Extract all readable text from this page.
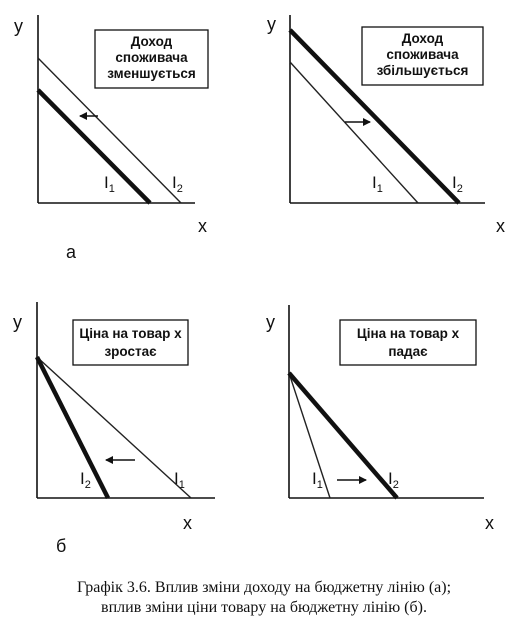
y
x
Доход
споживача
зменшується
$I_1$	$I_2$
y
x
Доход
споживача
збільшується
$I_1$	$I_2$
а
y
x
Ціна на товар x
зростає
$I_2$	$I_1$
б
y
x
Ціна на товар x
падає
$I_1$	$I_2$
Графік 3.6. Вплив зміни доходу на бюджетну лінію (а);
вплив зміни ціни товару на бюджетну лінію (б).
